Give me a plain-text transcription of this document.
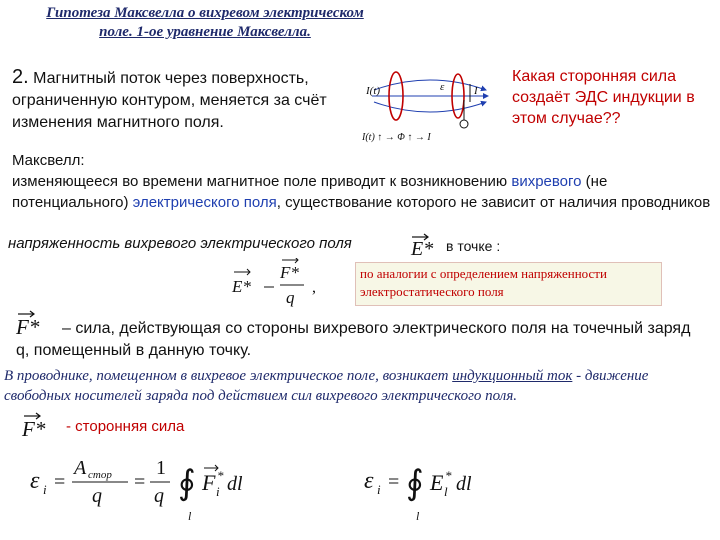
Гипотеза Максвелла о вихревом электрическом поле. 1-ое уравнение Максвелла.
2. Магнитный поток через поверхность, ограниченную контуром, меняется за счёт изменения магнитного поля.
I(t)	ε	I
I(t) ↑ → Φ ↑ → I
Какая сторонняя сила создаёт ЭДС индукции в этом случае??
Максвелл:
изменяющееся во времени магнитное поле приводит к возникновению вихревого (не потенциального) электрического поля, существование которого не зависит от наличия проводников
напряженность вихревого электрического поля	E* в точке :
E*
F*
q
,
по аналогии с определением напряженности электростатического поля
F*	– сила, действующая со стороны вихревого электрического поля на точечный заряд q, помещенный в данную точку.
В проводнике, помещенном в вихревое электрическое поле, возникает индукционный ток - движение свободных носителей заряда под действием сил вихревого электрического поля.
F* - сторонняя сила
ε i =
A стор
q
=
1
q ∮
l
F *
i dl	ε i = ∮
l
E *
l dl
